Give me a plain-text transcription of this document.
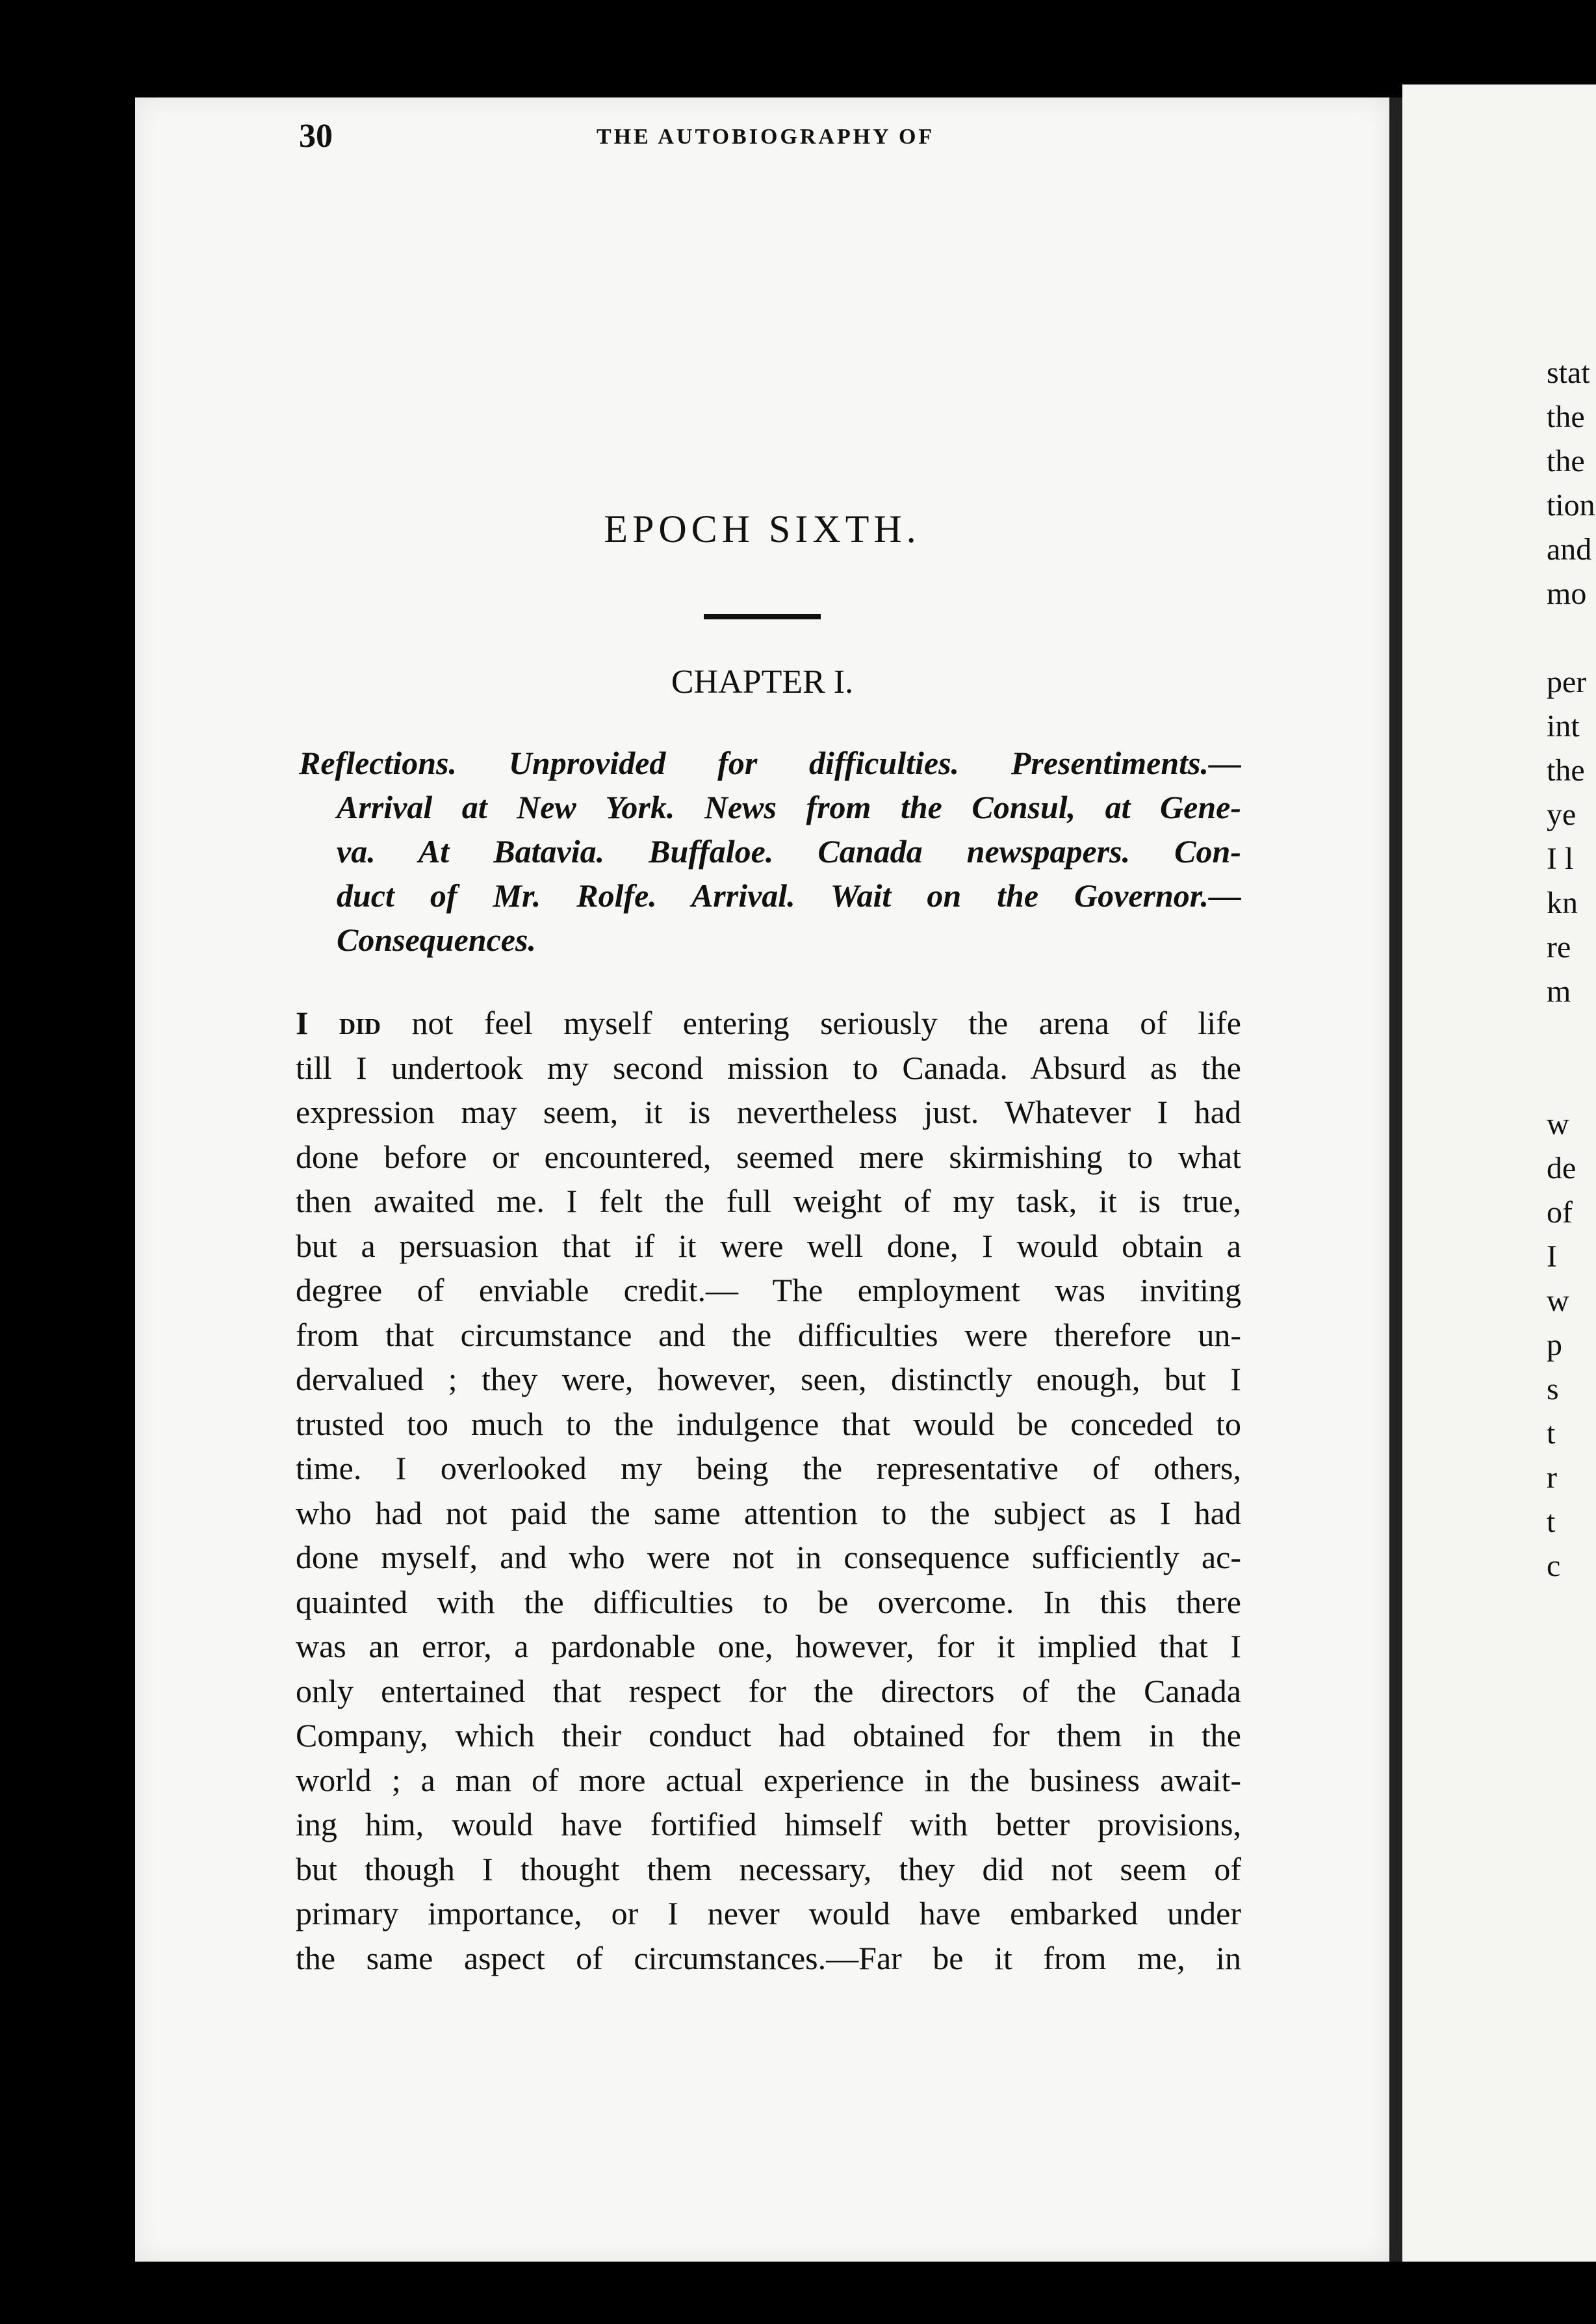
30	THE AUTOBIOGRAPHY OF
EPOCH SIXTH.
CHAPTER I.
Reflections. Unprovided for difficulties. Presentiments.—
Arrival at New York. News from the Consul, at Gene-
va. At Batavia. Buffaloe. Canada newspapers. Con-
duct of Mr. Rolfe. Arrival. Wait on the Governor.—
Consequences.
I did not feel myself entering seriously the arena of life
till I undertook my second mission to Canada. Absurd as the
expression may seem, it is nevertheless just. Whatever I had
done before or encountered, seemed mere skirmishing to what
then awaited me. I felt the full weight of my task, it is true,
but a persuasion that if it were well done, I would obtain a
degree of enviable credit.— The employment was inviting
from that circumstance and the difficulties were therefore un-
dervalued ; they were, however, seen, distinctly enough, but I
trusted too much to the indulgence that would be conceded to
time. I overlooked my being the representative of others,
who had not paid the same attention to the subject as I had
done myself, and who were not in consequence sufficiently ac-
quainted with the difficulties to be overcome. In this there
was an error, a pardonable one, however, for it implied that I
only entertained that respect for the directors of the Canada
Company, which their conduct had obtained for them in the
world ; a man of more actual experience in the business await-
ing him, would have fortified himself with better provisions,
but though I thought them necessary, they did not seem of
primary importance, or I never would have embarked under
the same aspect of circumstances.—Far be it from me, in
stat
the
the
tion
and
mo
per
int
the
ye
I l
kn
re
m
w
de
of
I
w
p
s
t
r
t
c
